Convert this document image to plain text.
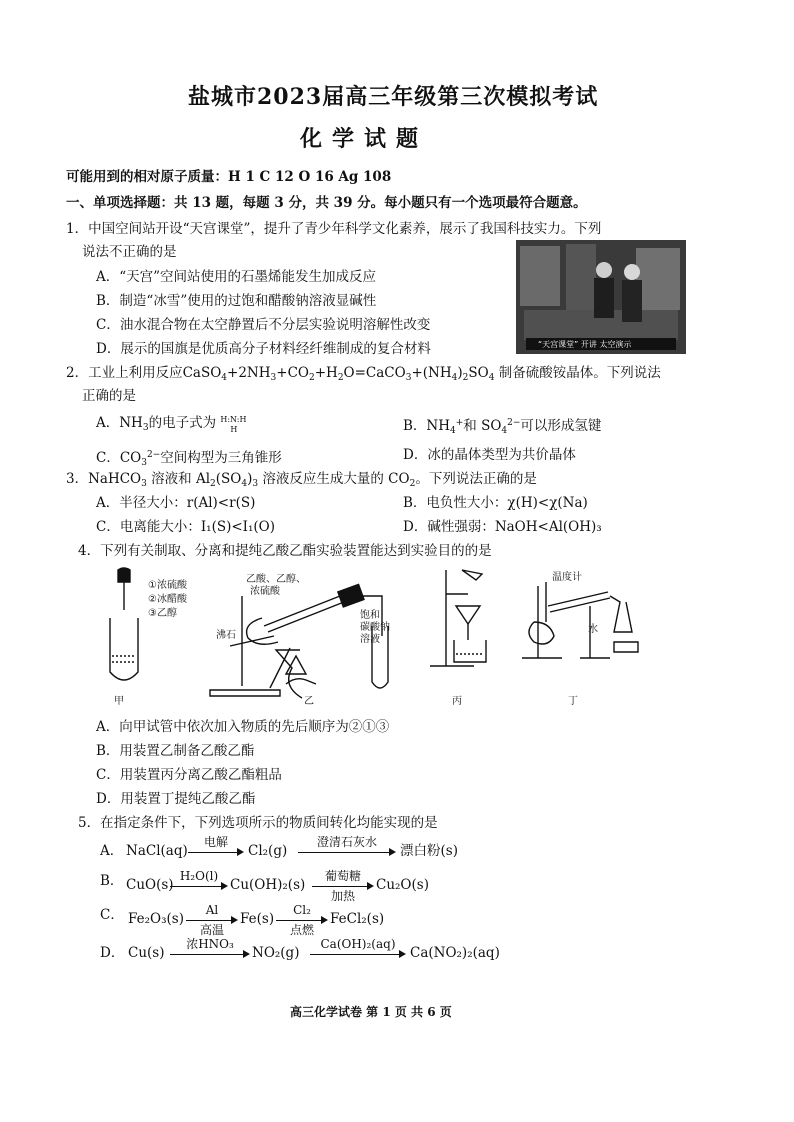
盐城市2023届高三年级第三次模拟考试
化学试题
可能用到的相对原子质量：H 1 C 12 O 16 Ag 108
一、单项选择题：共 13 题，每题 3 分，共 39 分。每小题只有一个选项最符合题意。
1．中国空间站开设“天宫课堂”，提升了青少年科学文化素养，展示了我国科技实力。下列
说法不正确的是
A．“天宫”空间站使用的石墨烯能发生加成反应
B．制造“冰雪”使用的过饱和醋酸钠溶液显碱性
C．油水混合物在太空静置后不分层实验说明溶解性改变
D．展示的国旗是优质高分子材料经纤维制成的复合材料	“天宫课堂” 开讲 太空演示
2．工业上利用反应$CaSO_4+2NH_3+CO_2+H_2O=CaCO_3+(NH_4)_2SO_4$ 制备硫酸铵晶体。下列说法
正确的是
A．$NH_3$的电子式为 H:N:H
H	B．$NH_4^+$和 $SO_4^{2-}$可以形成氢键
C．$CO_3^{2-}$空间构型为三角锥形	D．冰的晶体类型为共价晶体
3．NaHCO$_3$ 溶液和 $Al_2(SO_4)_3$ 溶液反应生成大量的 $CO_2$。下列说法正确的是
A．半径大小：r(Al)<r(S)	B．电负性大小：χ(H)<χ(Na)
C．电离能大小：I₁(S)<I₁(O)	D．碱性强弱：NaOH<Al(OH)₃
4．下列有关制取、分离和提纯乙酸乙酯实验装置能达到实验目的的是
①浓硫酸
②冰醋酸
③乙醇
乙酸、乙醇、
浓硫酸
沸石
饱和
碳酸钠
溶液
温度计
水
甲	乙	丙	丁
A．向甲试管中依次加入物质的先后顺序为②①③
B．用装置乙制备乙酸乙酯
C．用装置丙分离乙酸乙酯粗品
D．用装置丁提纯乙酸乙酯
5．在指定条件下，下列选项所示的物质间转化均能实现的是
A． NaCl(aq)
电解
Cl₂(g)
澄清石灰水
漂白粉(s)
B． CuO(s)
H₂O(l)
Cu(OH)₂(s)
葡萄糖
加热
Cu₂O(s)
C． Fe₂O₃(s)
Al
高温
Fe(s)
Cl₂
点燃
FeCl₂(s)
D． Cu(s)
浓HNO₃
NO₂(g)
Ca(OH)₂(aq)
Ca(NO₂)₂(aq)
高三化学试卷 第 1 页 共 6 页
